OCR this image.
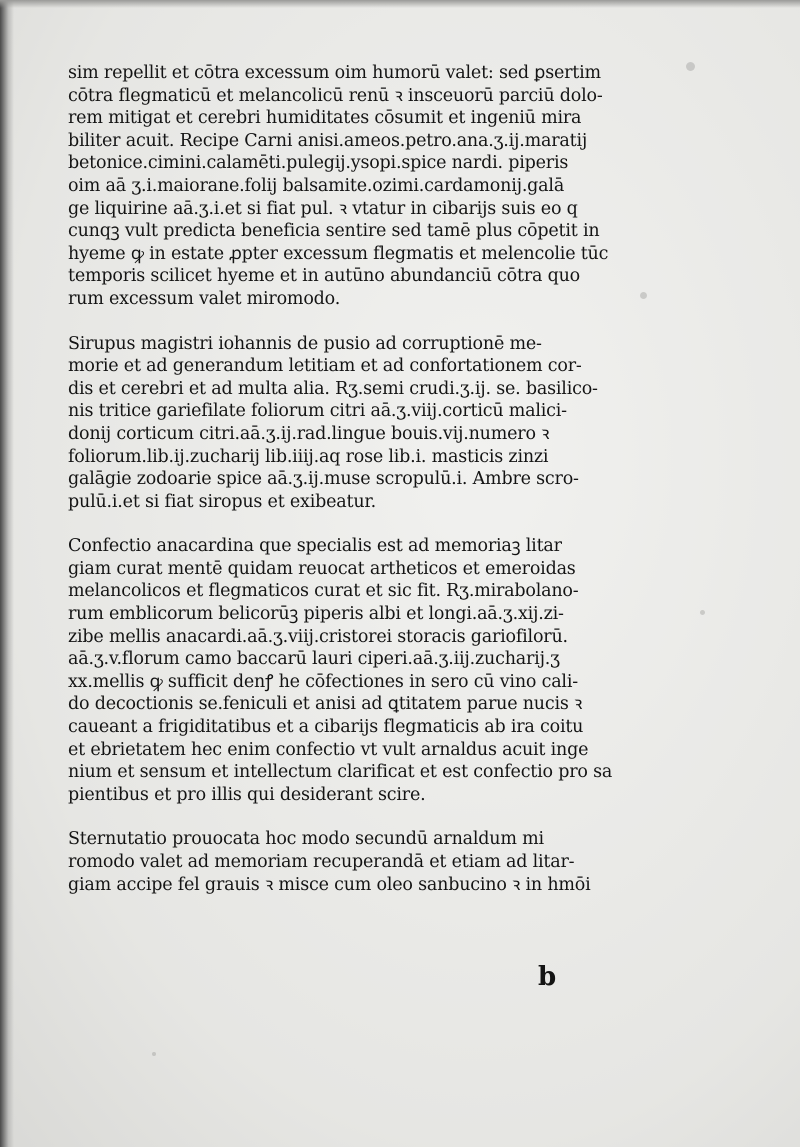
sim repellit et cōtra excessum oim humorū valet: sed ꝑsertim
cōtra flegmaticū et melancolicū renū ꝛ insceuorū parciū dolo-
rem mitigat et cerebri humiditates cōsumit et ingeniū mira
biliter acuit. Recipe Carni anisi.ameos.petro.ana.ʒ.ij.maratij
betonice.cimini.calamēti.pulegij.ysopi.spice nardi. piperis
oim aā ʒ.i.maiorane.folij balsamite.ozimi.cardamonij.galā
ge liquirine aā.ʒ.i.et si fiat pul. ꝛ vtatur in cibarijs suis eo q
cunqꝫ vult predicta beneficia sentire sed tamē plus cōpetit in
hyeme ꝙ in estate ꝓpter excessum flegmatis et melencolie tūc
temporis scilicet hyeme et in autūno abundanciū cōtra quo
rum excessum valet miromodo.

Sirupus magistri iohannis de pusio ad corruptionē me-
morie et ad generandum letitiam et ad confortationem cor-
dis et cerebri et ad multa alia. Rʒ.semi crudi.ʒ.ij. se. basilico-
nis tritice gariefilate foliorum citri aā.ʒ.viij.corticū malici-
donij corticum citri.aā.ʒ.ij.rad.lingue bouis.vij.numero ꝛ
foliorum.lib.ij.zucharij lib.iiij.aq rose lib.i. masticis zinzi
galāgie zodoarie spice aā.ʒ.ij.muse scropulū.i. Ambre scro-
pulū.i.et si fiat siropus et exibeatur.

Confectio anacardina que specialis est ad memoriaꝫ litar
giam curat mentē quidam reuocat artheticos et emeroidas
melancolicos et flegmaticos curat et sic fit. Rʒ.mirabolano-
rum emblicorum belicorūꝫ piperis albi et longi.aā.ʒ.xij.zi-
zibe mellis anacardi.aā.ʒ.viij.cristorei storacis gariofilorū.
aā.ʒ.v.florum camo baccarū lauri ciperi.aā.ʒ.iij.zucharij.ʒ
xx.mellis ꝙ sufficit denꝭ he cōfectiones in sero cū vino cali-
do decoctionis se.feniculi et anisi ad ꝗtitatem parue nucis ꝛ
caueant a frigiditatibus et a cibarijs flegmaticis ab ira coitu
et ebrietatem hec enim confectio vt vult arnaldus acuit inge
nium et sensum et intellectum clarificat et est confectio pro sa
pientibus et pro illis qui desiderant scire.

Sternutatio prouocata hoc modo secundū arnaldum mi
romodo valet ad memoriam recuperandā et etiam ad litar-
giam accipe fel grauis ꝛ misce cum oleo sanbucino ꝛ in hmōi

b
